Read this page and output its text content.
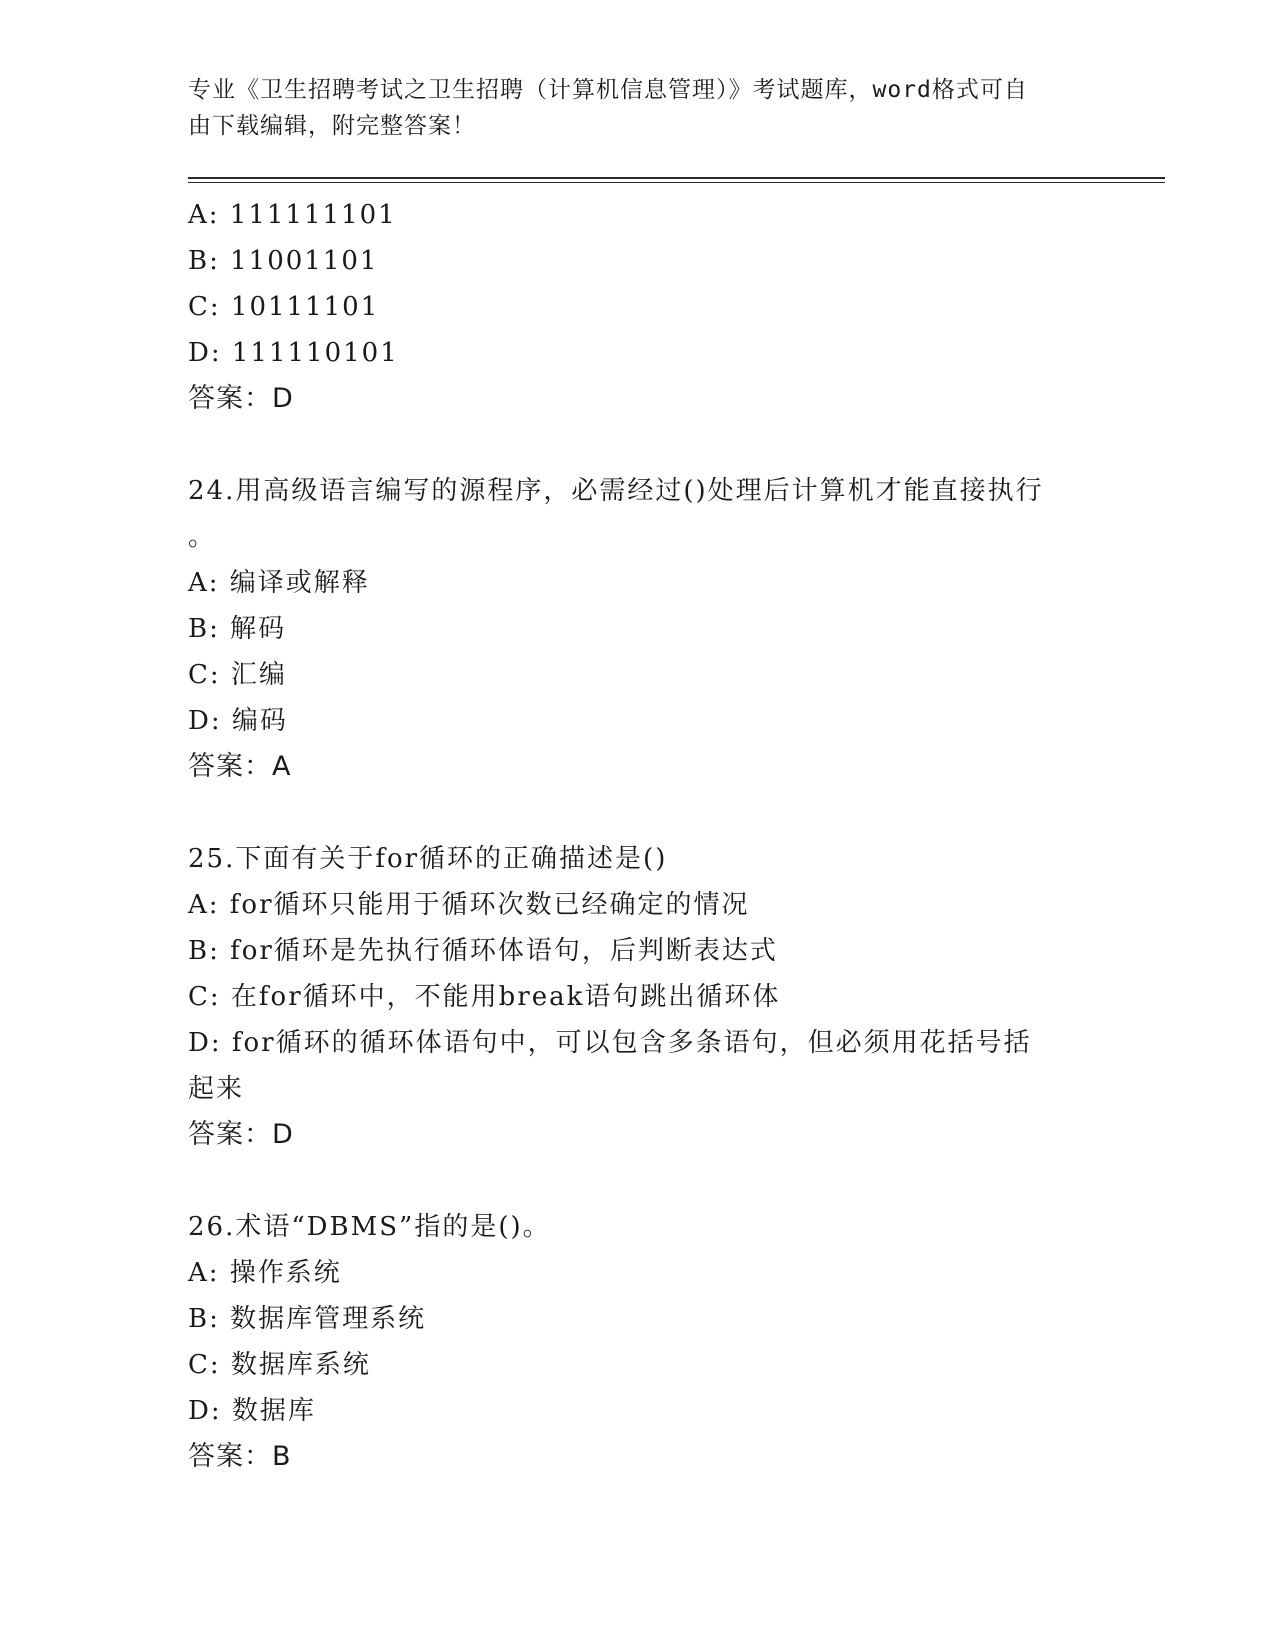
专业《卫生招聘考试之卫生招聘（计算机信息管理）》考试题库，word格式可自
由下载编辑，附完整答案！
A: 111111101
B: 11001101
C: 10111101
D: 111110101
答案：D
24.用高级语言编写的源程序，必需经过()处理后计算机才能直接执行
。
A: 编译或解释
B: 解码
C: 汇编
D: 编码
答案：A
25.下面有关于for循环的正确描述是()
A: for循环只能用于循环次数已经确定的情况
B: for循环是先执行循环体语句，后判断表达式
C: 在for循环中，不能用break语句跳出循环体
D: for循环的循环体语句中，可以包含多条语句，但必须用花括号括
起来
答案：D
26.术语“DBMS”指的是()。
A: 操作系统
B: 数据库管理系统
C: 数据库系统
D: 数据库
答案：B
